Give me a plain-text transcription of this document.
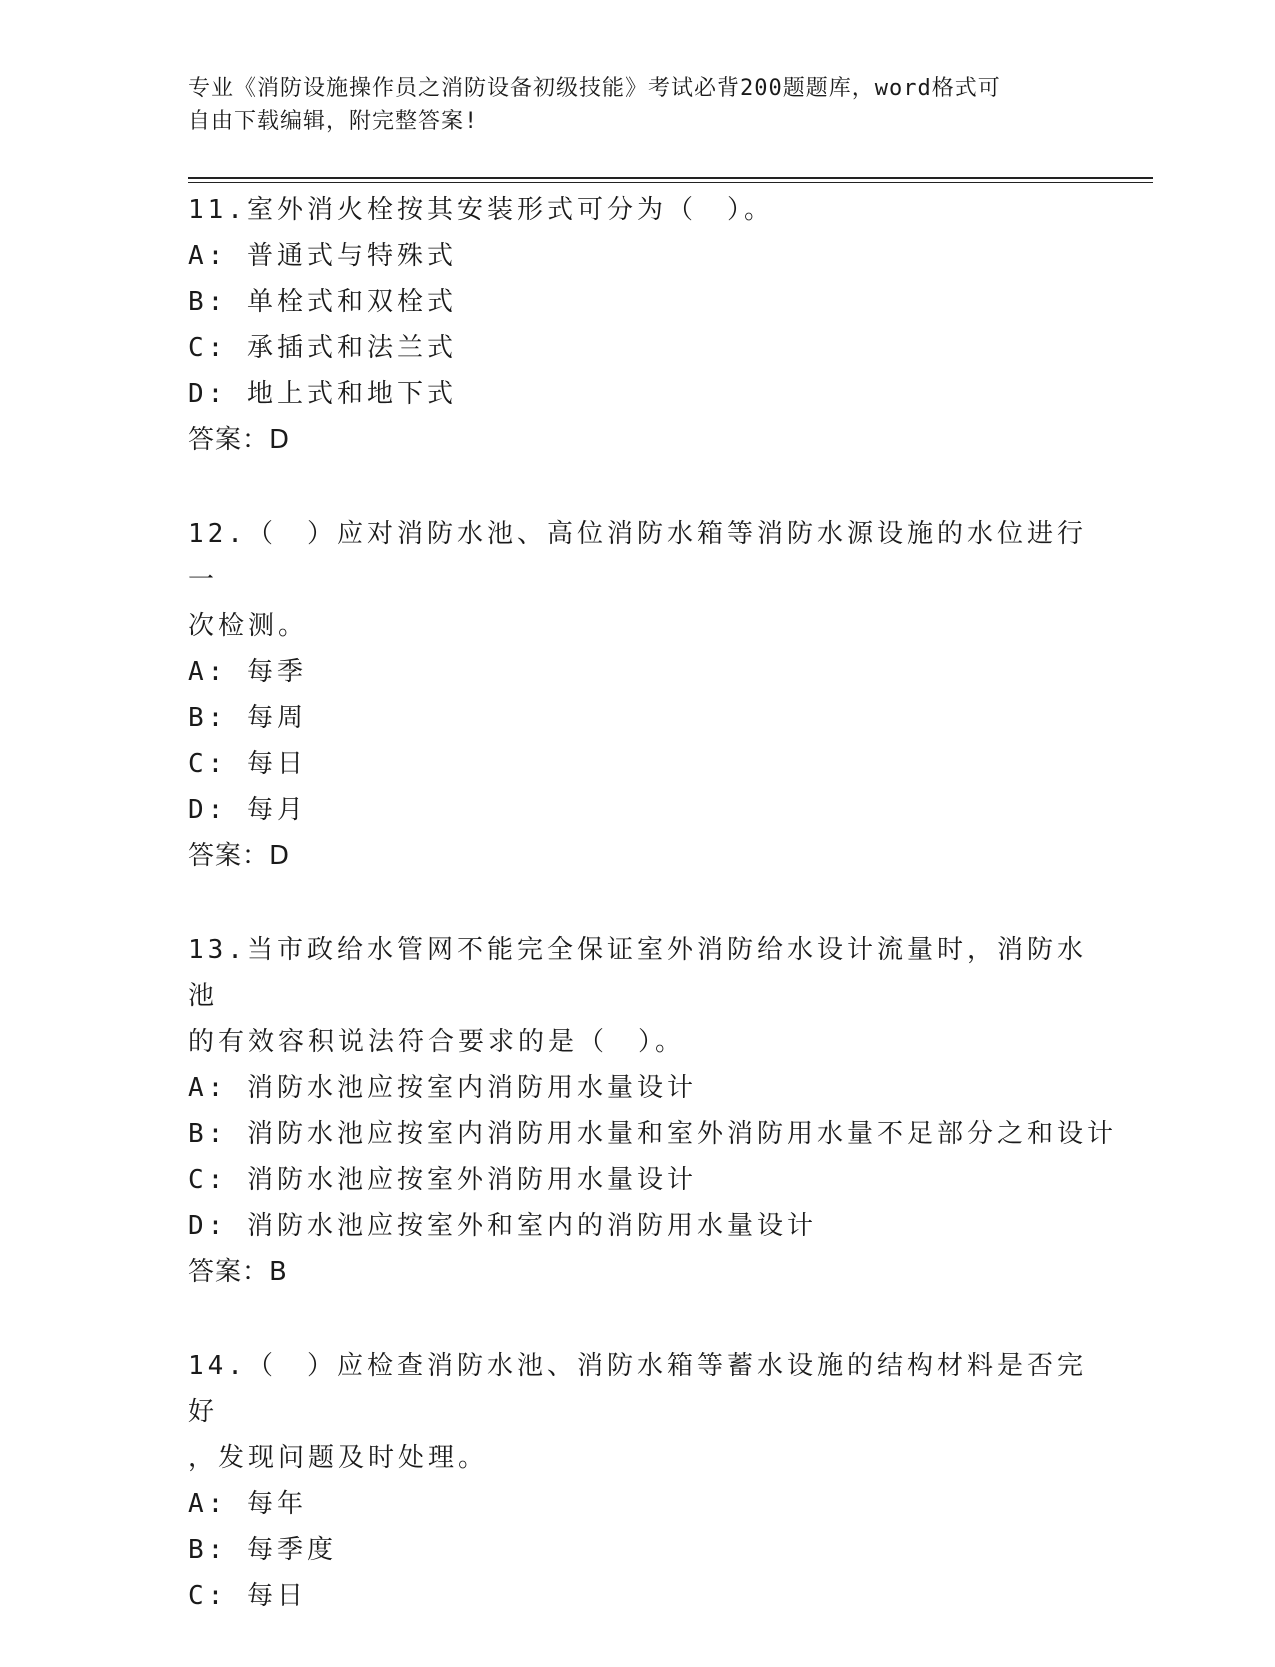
专业《消防设施操作员之消防设备初级技能》考试必背200题题库，word格式可
自由下载编辑，附完整答案!
11.室外消火栓按其安装形式可分为（　）。
A: 普通式与特殊式
B: 单栓式和双栓式
C: 承插式和法兰式
D: 地上式和地下式
答案：D
12.（　）应对消防水池、高位消防水箱等消防水源设施的水位进行一
次检测。
A: 每季
B: 每周
C: 每日
D: 每月
答案：D
13.当市政给水管网不能完全保证室外消防给水设计流量时，消防水池
的有效容积说法符合要求的是（　）。
A: 消防水池应按室内消防用水量设计
B: 消防水池应按室内消防用水量和室外消防用水量不足部分之和设计
C: 消防水池应按室外消防用水量设计
D: 消防水池应按室外和室内的消防用水量设计
答案：B
14.（　）应检查消防水池、消防水箱等蓄水设施的结构材料是否完好
，发现问题及时处理。
A: 每年
B: 每季度
C: 每日
